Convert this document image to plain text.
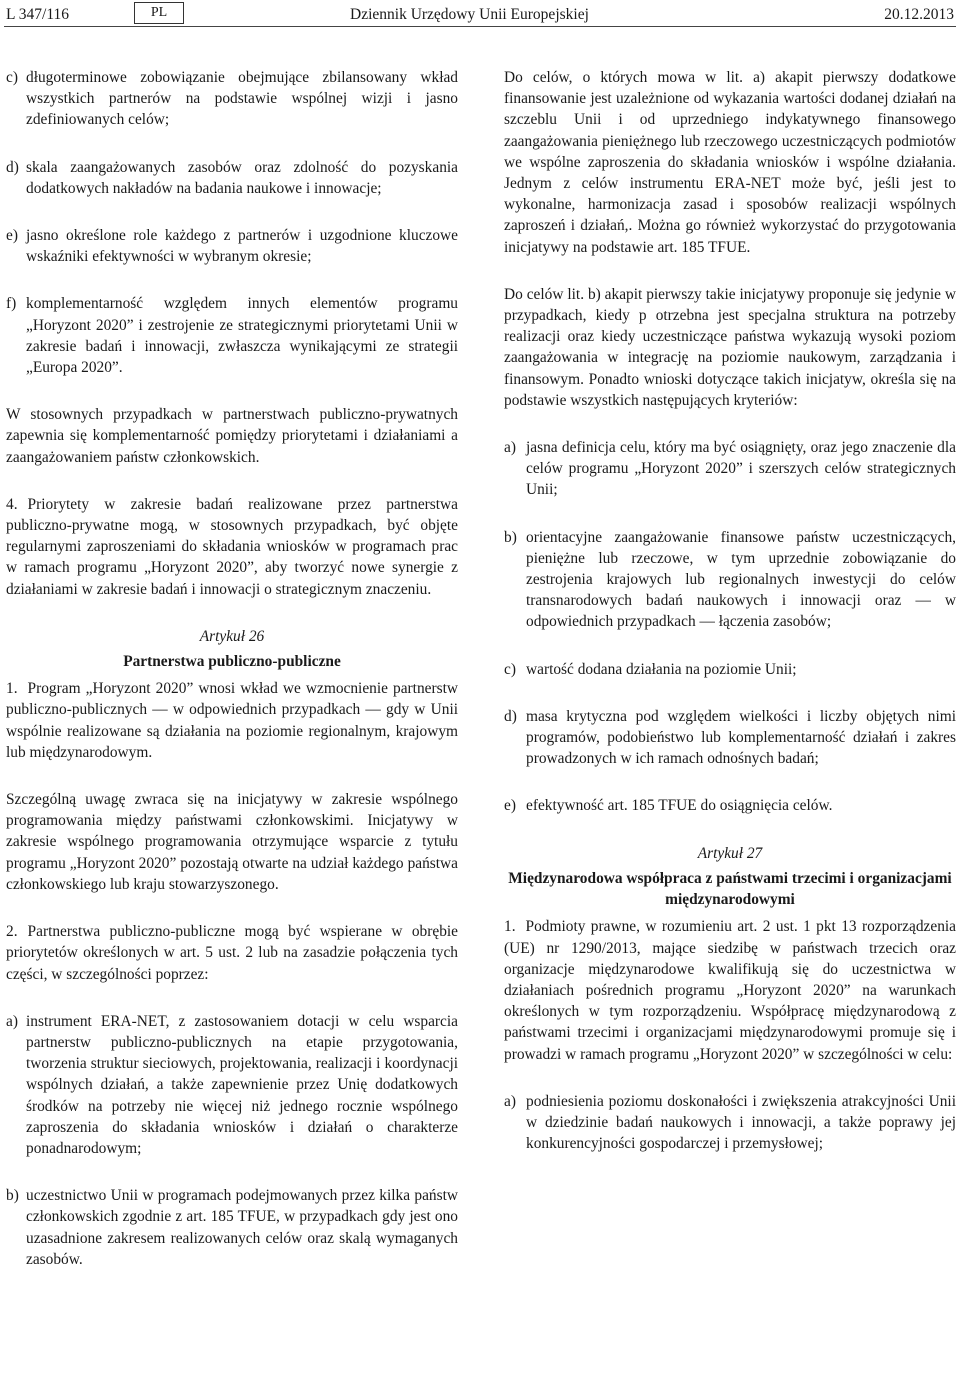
L 347/116	PL	Dziennik Urzędowy Unii Europejskiej	20.12.2013
c) długoterminowe zobowiązanie obejmujące zbilansowany wkład wszystkich partnerów na podstawie wspólnej wizji i jasno zdefiniowanych celów;
d) skala zaangażowanych zasobów oraz zdolność do pozyskania dodatkowych nakładów na badania naukowe i innowacje;
e) jasno określone role każdego z partnerów i uzgodnione kluczowe wskaźniki efektywności w wybranym okresie;
f) komplementarność względem innych elementów programu „Horyzont 2020” i zestrojenie ze strategicznymi priorytetami Unii w zakresie badań i innowacji, zwłaszcza wynikającymi ze strategii „Europa 2020”.

W stosownych przypadkach w partnerstwach publiczno-prywatnych zapewnia się komplementarność pomiędzy priorytetami i działaniami a zaangażowaniem państw członkowskich.

4. Priorytety w zakresie badań realizowane przez partnerstwa publiczno-prywatne mogą, w stosownych przypadkach, być objęte regularnymi zaproszeniami do składania wniosków w programach prac w ramach programu „Horyzont 2020”, aby tworzyć nowe synergie z działaniami w zakresie badań i innowacji o strategicznym znaczeniu.

Artykuł 26
Partnerstwa publiczno-publiczne

1. Program „Horyzont 2020” wnosi wkład we wzmocnienie partnerstw publiczno-publicznych — w odpowiednich przypadkach — gdy w Unii wspólnie realizowane są działania na poziomie regionalnym, krajowym lub międzynarodowym.

Szczególną uwagę zwraca się na inicjatywy w zakresie wspólnego programowania między państwami członkowskimi. Inicjatywy w zakresie wspólnego programowania otrzymujące wsparcie z tytułu programu „Horyzont 2020” pozostają otwarte na udział każdego państwa członkowskiego lub kraju stowarzyszonego.

2. Partnerstwa publiczno-publiczne mogą być wspierane w obrębie priorytetów określonych w art. 5 ust. 2 lub na zasadzie połączenia tych części, w szczególności poprzez:

a) instrument ERA-NET, z zastosowaniem dotacji w celu wsparcia partnerstw publiczno-publicznych na etapie przygotowania, tworzenia struktur sieciowych, projektowania, realizacji i koordynacji wspólnych działań, a także zapewnienie przez Unię dodatkowych środków na potrzeby nie więcej niż jednego rocznie wspólnego zaproszenia do składania wniosków i działań o charakterze ponadnarodowym;
b) uczestnictwo Unii w programach podejmowanych przez kilka państw członkowskich zgodnie z art. 185 TFUE, w przypadkach gdy jest ono uzasadnione zakresem realizowanych celów oraz skalą wymaganych zasobów.

Do celów, o których mowa w lit. a) akapit pierwszy dodatkowe finansowanie jest uzależnione od wykazania wartości dodanej działań na szczeblu Unii i od uprzedniego indykatywnego finansowego zaangażowania pieniężnego lub rzeczowego uczestniczących podmiotów we wspólne zaproszenia do składania wniosków i wspólne działania. Jednym z celów instrumentu ERA-NET może być, jeśli jest to wykonalne, harmonizacja zasad i sposobów realizacji wspólnych zaproszeń i działań,. Można go również wykorzystać do przygotowania inicjatywy na podstawie art. 185 TFUE.

Do celów lit. b) akapit pierwszy takie inicjatywy proponuje się jedynie w przypadkach, kiedy p otrzebna jest specjalna struktura na potrzeby realizacji oraz kiedy uczestniczące państwa wykazują wysoki poziom zaangażowania w integrację na poziomie naukowym, zarządzania i finansowym. Ponadto wnioski dotyczące takich inicjatyw, określa się na podstawie wszystkich następujących kryteriów:

a) jasna definicja celu, który ma być osiągnięty, oraz jego znaczenie dla celów programu „Horyzont 2020” i szerszych celów strategicznych Unii;
b) orientacyjne zaangażowanie finansowe państw uczestniczących, pieniężne lub rzeczowe, w tym uprzednie zobowiązanie do zestrojenia krajowych lub regionalnych inwestycji do celów transnarodowych badań naukowych i innowacji oraz — w odpowiednich przypadkach — łączenia zasobów;
c) wartość dodana działania na poziomie Unii;
d) masa krytyczna pod względem wielkości i liczby objętych nimi programów, podobieństwo lub komplementarność działań i zakres prowadzonych w ich ramach odnośnych badań;
e) efektywność art. 185 TFUE do osiągnięcia celów.
Artykuł 27
Międzynarodowa współpraca z państwami trzecimi i organizacjami międzynarodowymi

1. Podmioty prawne, w rozumieniu art. 2 ust. 1 pkt 13 rozporządzenia (UE) nr 1290/2013, mające siedzibę w państwach trzecich oraz organizacje międzynarodowe kwalifikują się do uczestnictwa w działaniach pośrednich programu „Horyzont 2020” na warunkach określonych w tym rozporządzeniu. Współpracę międzynarodową z państwami trzecimi i organizacjami międzynarodowymi promuje się i prowadzi w ramach programu „Horyzont 2020” w szczególności w celu:

a) podniesienia poziomu doskonałości i zwiększenia atrakcyjności Unii w dziedzinie badań naukowych i innowacji, a także poprawy jej konkurencyjności gospodarczej i przemysłowej;
